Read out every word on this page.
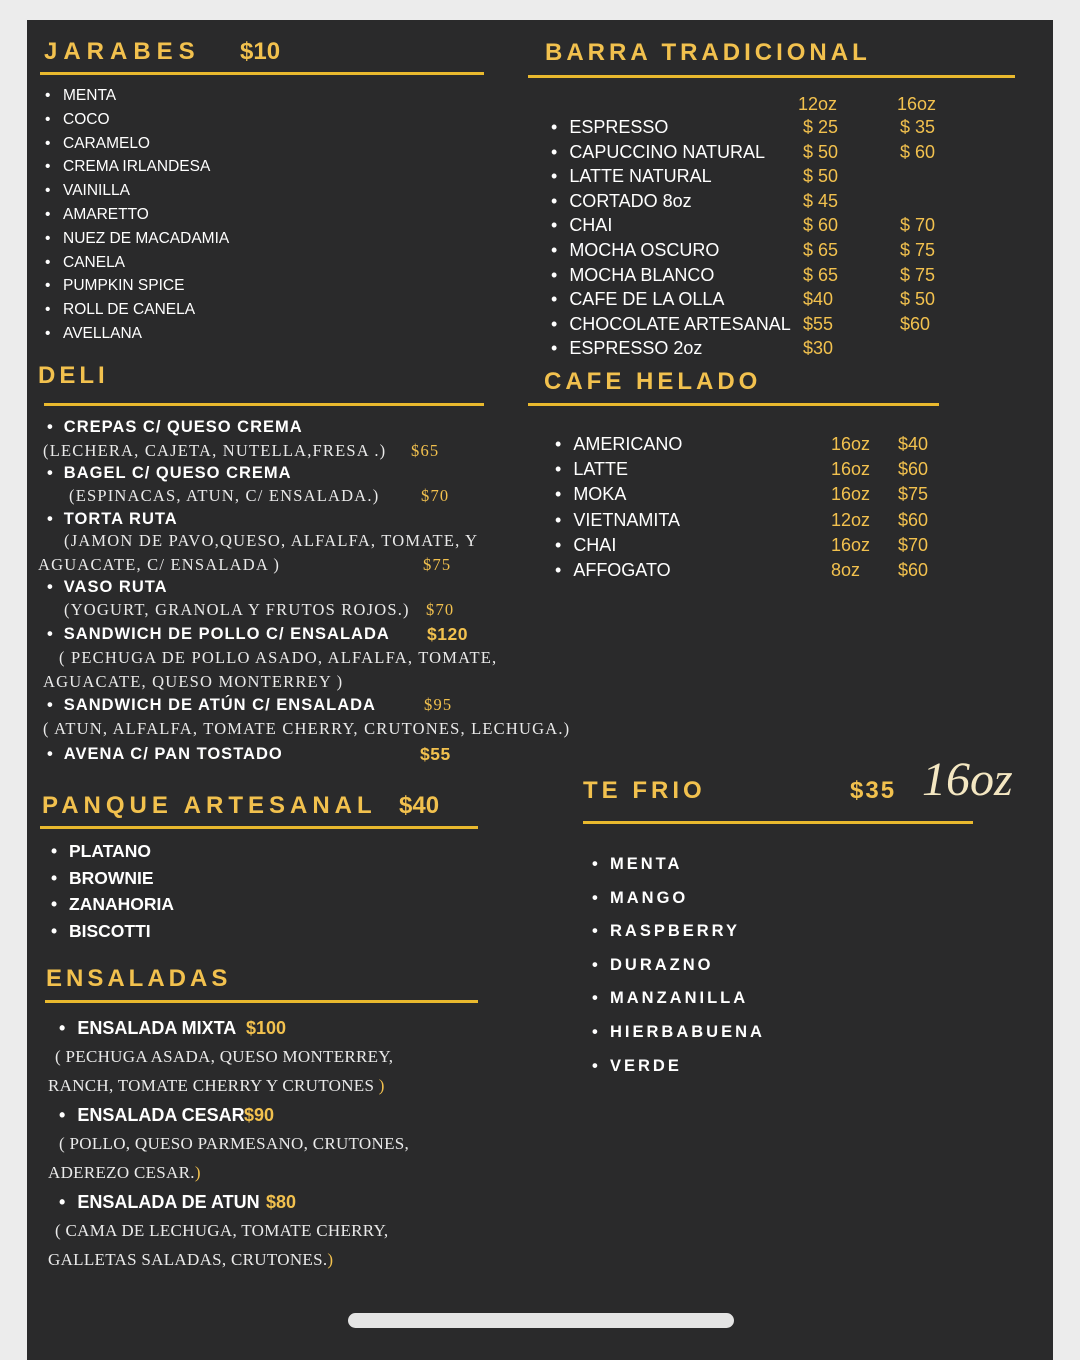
JARABES $10
• MENTA
• COCO
• CARAMELO
• CREMA IRLANDESA
• VAINILLA
• AMARETTO
• NUEZ DE MACADAMIA
• CANELA
• PUMPKIN SPICE
• ROLL DE CANELA
• AVELLANA
BARRA TRADICIONAL
12oz	16oz
• ESPRESSO	$ 25	$ 35
• CAPUCCINO NATURAL $ 50	$ 60
• LATTE NATURAL	$ 50
• CORTADO 8oz	$ 45
• CHAI	$ 60	$ 70
• MOCHA OSCURO	$ 65	$ 75
• MOCHA BLANCO	$ 65	$ 75
• CAFE DE LA OLLA	$40	$ 50
• CHOCOLATE ARTESANAL $55	$60
• ESPRESSO 2oz	$30
DELI
• CREPAS C/ QUESO CREMA
(LECHERA, CAJETA, NUTELLA,FRESA .) $65
• BAGEL C/ QUESO CREMA
(ESPINACAS, ATUN, C/ ENSALADA.)	$70
• TORTA RUTA
(JAMON DE PAVO,QUESO, ALFALFA, TOMATE, Y
AGUACATE, C/ ENSALADA )	$75
• VASO RUTA
(YOGURT, GRANOLA Y FRUTOS ROJOS.) $70
• SANDWICH DE POLLO C/ ENSALADA $120
( PECHUGA DE POLLO ASADO, ALFALFA, TOMATE,
AGUACATE, QUESO MONTERREY )
• SANDWICH DE ATÚN C/ ENSALADA	$95
( ATUN, ALFALFA, TOMATE CHERRY, CRUTONES, LECHUGA.)
• AVENA C/ PAN TOSTADO	$55
CAFE HELADO
• AMERICANO	16oz $40
• LATTE	16oz $60
• MOKA	16oz $75
• VIETNAMITA	12oz $60
• CHAI	16oz $70
• AFFOGATO	8oz $60
PANQUE ARTESANAL $40
• PLATANO
• BROWNIE
• ZANAHORIA
• BISCOTTI
TE FRIO	$35 16oz
• MENTA
• MANGO
• RASPBERRY
• DURAZNO
• MANZANILLA
• HIERBABUENA
• VERDE
ENSALADAS
• ENSALADA MIXTA $100
( PECHUGA ASADA, QUESO MONTERREY,
RANCH, TOMATE CHERRY Y CRUTONES )
• ENSALADA CESAR $90
( POLLO, QUESO PARMESANO, CRUTONES,
ADEREZO CESAR.)
• ENSALADA DE ATUN $80
( CAMA DE LECHUGA, TOMATE CHERRY,
GALLETAS SALADAS, CRUTONES.)
